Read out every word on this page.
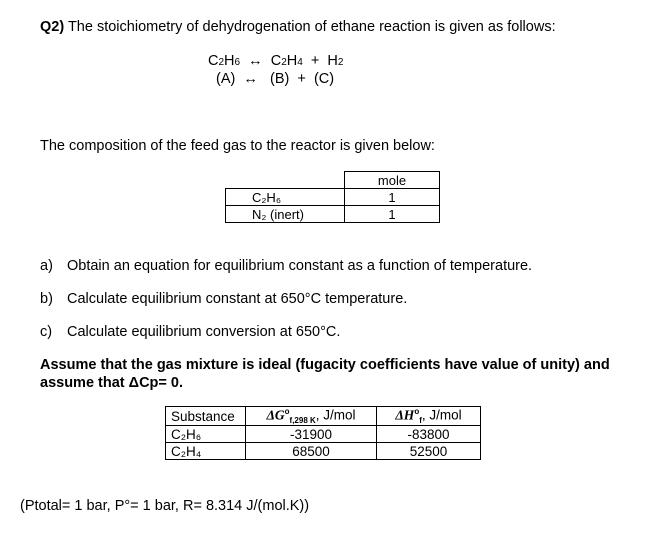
Q2) The stoichiometry of dehydrogenation of ethane reaction is given as follows:
C2H6 ↔ C2H4 + H2
(A) ↔ (B) + (C)
The composition of the feed gas to the reactor is given below:
	mole
C₂H₆	1
N₂ (inert)	1
a) Obtain an equation for equilibrium constant as a function of temperature.
b) Calculate equilibrium constant at 650°C temperature.
c) Calculate equilibrium conversion at 650°C.
Assume that the gas mixture is ideal (fugacity coefficients have value of unity) and assume that ΔCp= 0.
Substance	$\Delta G^o_{f,298 K}$, J/mol	$\Delta H^o_f$, J/mol
C₂H₆	-31900	-83800
C₂H₄	68500	52500
(Ptotal= 1 bar, P°= 1 bar, R= 8.314 J/(mol.K))
